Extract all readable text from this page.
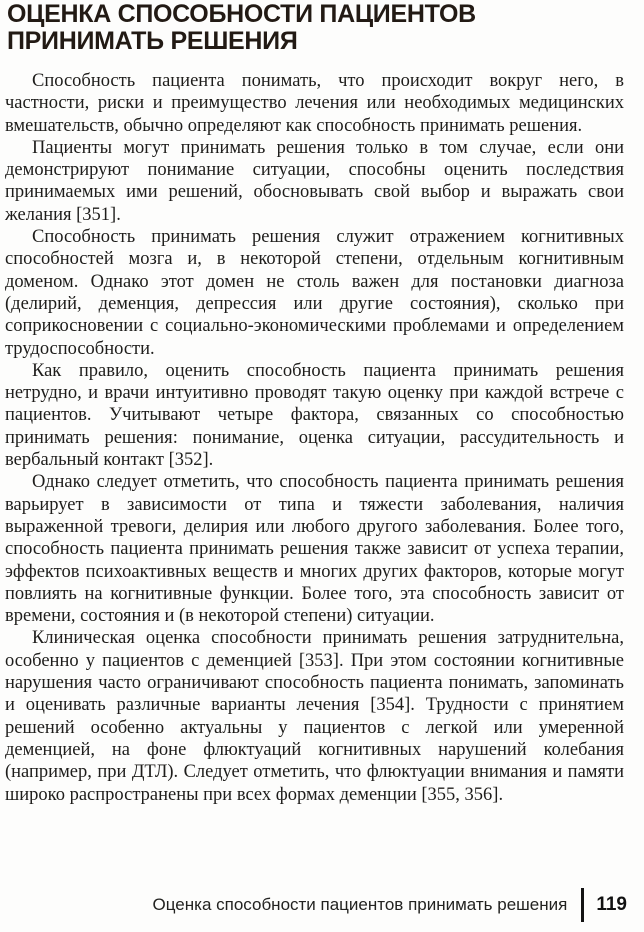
ОЦЕНКА СПОСОБНОСТИ ПАЦИЕНТОВ
ПРИНИМАТЬ РЕШЕНИЯ

Способность пациента понимать, что происходит вокруг него, в частности, риски и преимущество лечения или необходимых медицинских вмешательств, обычно определяют как способность принимать решения.

Пациенты могут принимать решения только в том случае, если они демонстрируют понимание ситуации, способны оценить последствия принимаемых ими решений, обосновывать свой выбор и выражать свои желания [351].

Способность принимать решения служит отражением когнитивных способностей мозга и, в некоторой степени, отдельным когнитивным доменом. Однако этот домен не столь важен для постановки диагноза (делирий, деменция, депрессия или другие состояния), сколько при соприкосновении с социально-экономическими проблемами и определением трудоспособности.

Как правило, оценить способность пациента принимать решения нетрудно, и врачи интуитивно проводят такую оценку при каждой встрече с пациентов. Учитывают четыре фактора, связанных со способностью принимать решения: понимание, оценка ситуации, рассудительность и вербальный контакт [352].

Однако следует отметить, что способность пациента принимать решения варьирует в зависимости от типа и тяжести заболевания, наличия выраженной тревоги, делирия или любого другого заболевания. Более того, способность пациента принимать решения также зависит от успеха терапии, эффектов психоактивных веществ и многих других факторов, которые могут повлиять на когнитивные функции. Более того, эта способность зависит от времени, состояния и (в некоторой степени) ситуации.

Клиническая оценка способности принимать решения затруднительна, особенно у пациентов с деменцией [353]. При этом состоянии когнитивные нарушения часто ограничивают способность пациента понимать, запоминать и оценивать различные варианты лечения [354]. Трудности с принятием решений особенно актуальны у пациентов с легкой или умеренной деменцией, на фоне флюктуаций когнитивных нарушений колебания (например, при ДТЛ). Следует отметить, что флюктуации внимания и памяти широко распространены при всех формах деменции [355, 356].

Оценка способности пациентов принимать решения 119
